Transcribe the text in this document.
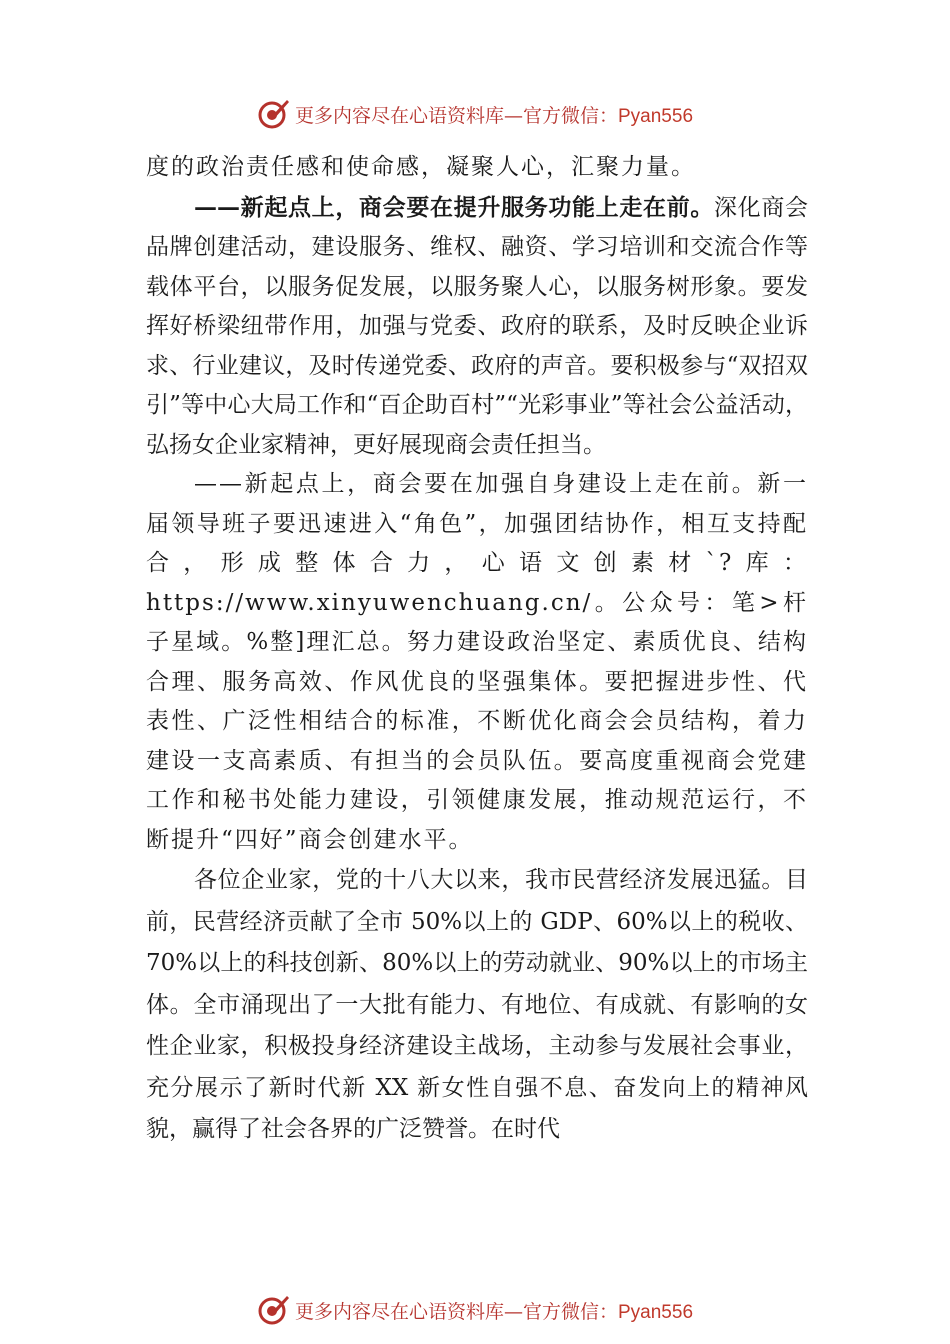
更多内容尽在心语资料库—官方微信：Pyan556
度的政治责任感和使命感，凝聚人心，汇聚力量。
——新起点上，商会要在提升服务功能上走在前。深化商会品牌创建活动，建设服务、维权、融资、学习培训和交流合作等载体平台，以服务促发展，以服务聚人心，以服务树形象。要发挥好桥梁纽带作用，加强与党委、政府的联系，及时反映企业诉求、行业建议，及时传递党委、政府的声音。要积极参与“双招双引”等中心大局工作和“百企助百村”“光彩事业”等社会公益活动，弘扬女企业家精神，更好展现商会责任担当。
——新起点上，商会要在加强自身建设上走在前。新一届领导班子要迅速进入“角色”，加强团结协作，相互支持配合，形成整体合力，心语文创素材`?库：https://www.xinyuwenchuang.cn/。公众号：笔>杆子星域。%整]理汇总。努力建设政治坚定、素质优良、结构合理、服务高效、作风优良的坚强集体。要把握进步性、代表性、广泛性相结合的标准，不断优化商会会员结构，着力建设一支高素质、有担当的会员队伍。要高度重视商会党建工作和秘书处能力建设，引领健康发展，推动规范运行，不断提升“四好”商会创建水平。
各位企业家，党的十八大以来，我市民营经济发展迅猛。目前，民营经济贡献了全市 50%以上的 GDP、60%以上的税收、70%以上的科技创新、80%以上的劳动就业、90%以上的市场主体。全市涌现出了一大批有能力、有地位、有成就、有影响的女性企业家，积极投身经济建设主战场，主动参与发展社会事业，充分展示了新时代新 XX 新女性自强不息、奋发向上的精神风貌，赢得了社会各界的广泛赞誉。在时代
更多内容尽在心语资料库—官方微信：Pyan556
